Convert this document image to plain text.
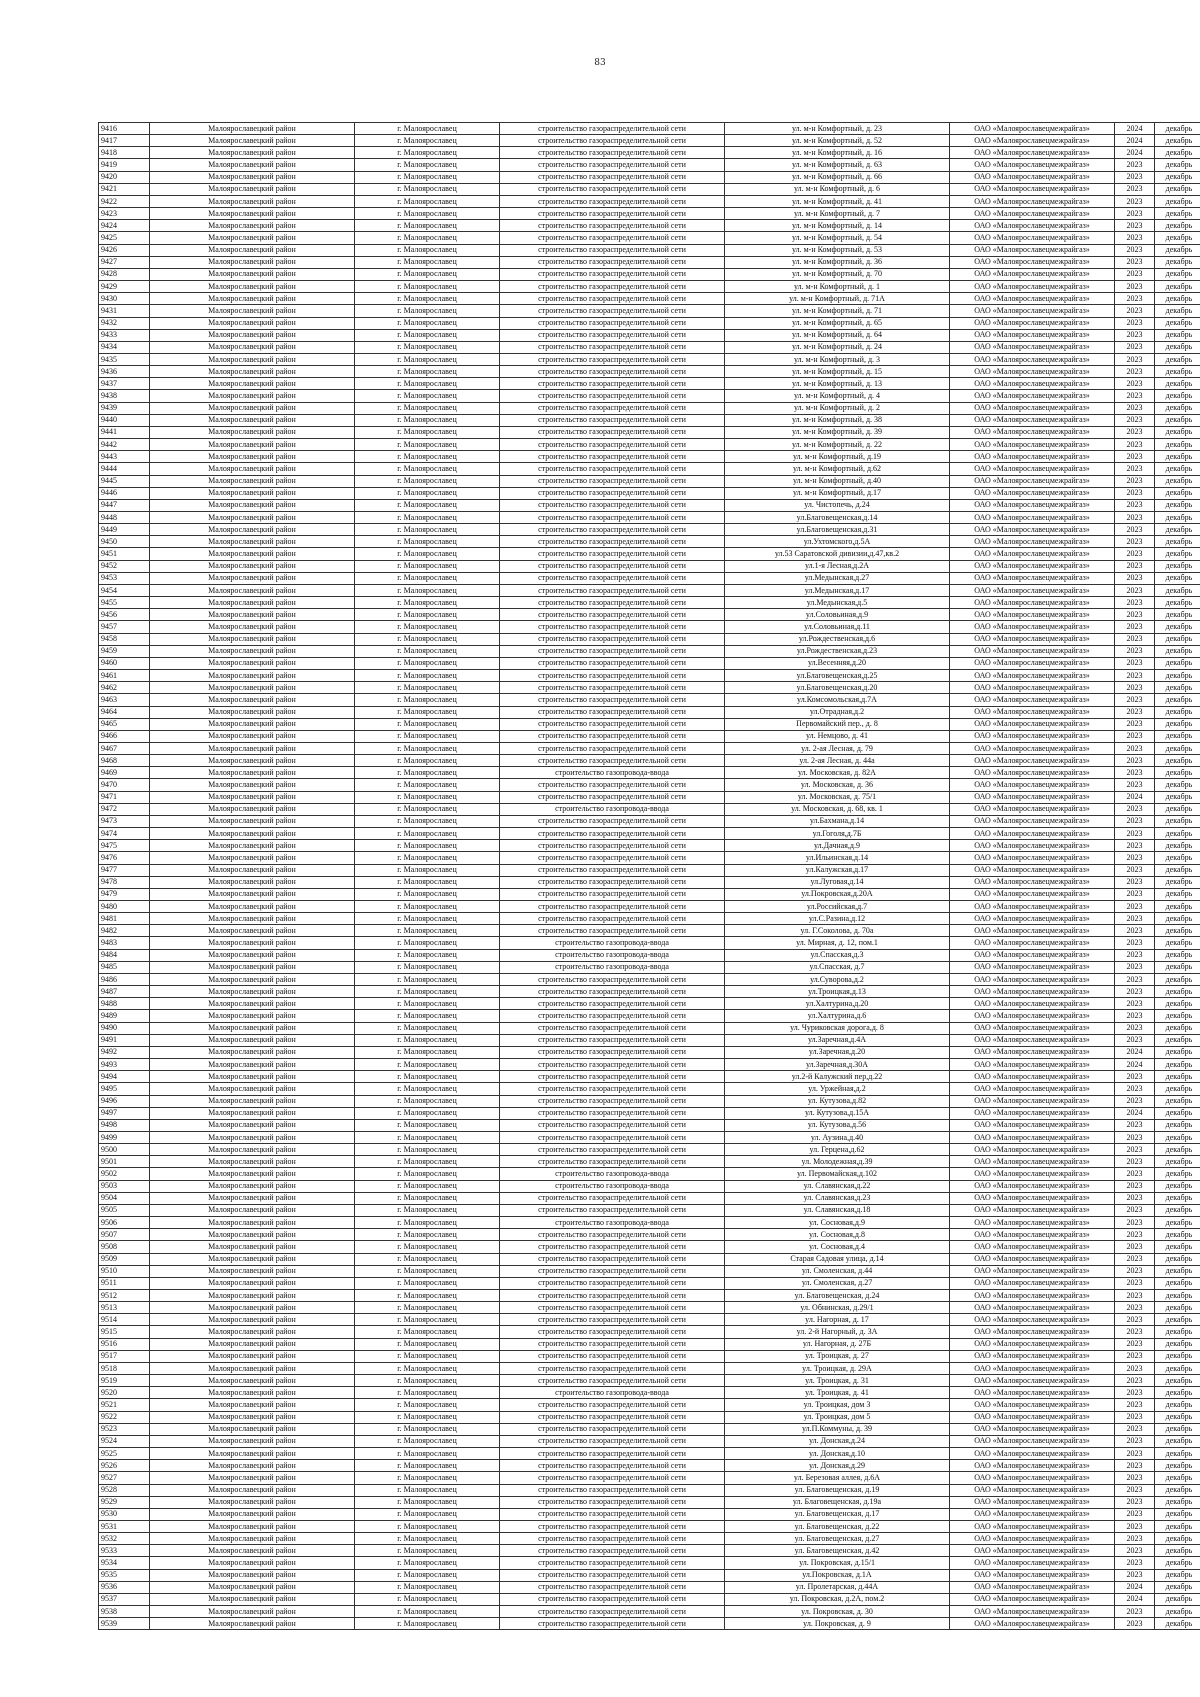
83
9416	Малоярославецкий район	г. Малоярославец	строительство газораспределительной сети	ул. м-н Комфортный, д. 23	ОАО «Малоярославецмежрайгаз»	2024	декабрь
9417	Малоярославецкий район	г. Малоярославец	строительство газораспределительной сети	ул. м-н Комфортный, д. 52	ОАО «Малоярославецмежрайгаз»	2024	декабрь
9418	Малоярославецкий район	г. Малоярославец	строительство газораспределительной сети	ул. м-н Комфортный, д. 16	ОАО «Малоярославецмежрайгаз»	2024	декабрь
9419	Малоярославецкий район	г. Малоярославец	строительство газораспределительной сети	ул. м-н Комфортный, д. 63	ОАО «Малоярославецмежрайгаз»	2023	декабрь
9420	Малоярославецкий район	г. Малоярославец	строительство газораспределительной сети	ул. м-н Комфортный, д. 66	ОАО «Малоярославецмежрайгаз»	2023	декабрь
9421	Малоярославецкий район	г. Малоярославец	строительство газораспределительной сети	ул. м-н Комфортный, д. 6	ОАО «Малоярославецмежрайгаз»	2023	декабрь
9422	Малоярославецкий район	г. Малоярославец	строительство газораспределительной сети	ул. м-н Комфортный, д. 41	ОАО «Малоярославецмежрайгаз»	2023	декабрь
9423	Малоярославецкий район	г. Малоярославец	строительство газораспределительной сети	ул. м-н Комфортный, д. 7	ОАО «Малоярославецмежрайгаз»	2023	декабрь
9424	Малоярославецкий район	г. Малоярославец	строительство газораспределительной сети	ул. м-н Комфортный, д. 14	ОАО «Малоярославецмежрайгаз»	2023	декабрь
9425	Малоярославецкий район	г. Малоярославец	строительство газораспределительной сети	ул. м-н Комфортный, д. 54	ОАО «Малоярославецмежрайгаз»	2023	декабрь
9426	Малоярославецкий район	г. Малоярославец	строительство газораспределительной сети	ул. м-н Комфортный, д. 53	ОАО «Малоярославецмежрайгаз»	2023	декабрь
9427	Малоярославецкий район	г. Малоярославец	строительство газораспределительной сети	ул. м-н Комфортный, д. 36	ОАО «Малоярославецмежрайгаз»	2023	декабрь
9428	Малоярославецкий район	г. Малоярославец	строительство газораспределительной сети	ул. м-н Комфортный, д. 70	ОАО «Малоярославецмежрайгаз»	2023	декабрь
9429	Малоярославецкий район	г. Малоярославец	строительство газораспределительной сети	ул. м-н Комфортный, д. 1	ОАО «Малоярославецмежрайгаз»	2023	декабрь
9430	Малоярославецкий район	г. Малоярославец	строительство газораспределительной сети	ул. м-н Комфортный, д. 71А	ОАО «Малоярославецмежрайгаз»	2023	декабрь
9431	Малоярославецкий район	г. Малоярославец	строительство газораспределительной сети	ул. м-н Комфортный, д. 71	ОАО «Малоярославецмежрайгаз»	2023	декабрь
9432	Малоярославецкий район	г. Малоярославец	строительство газораспределительной сети	ул. м-н Комфортный, д. 65	ОАО «Малоярославецмежрайгаз»	2023	декабрь
9433	Малоярославецкий район	г. Малоярославец	строительство газораспределительной сети	ул. м-н Комфортный, д. 64	ОАО «Малоярославецмежрайгаз»	2023	декабрь
9434	Малоярославецкий район	г. Малоярославец	строительство газораспределительной сети	ул. м-н Комфортный, д. 24	ОАО «Малоярославецмежрайгаз»	2023	декабрь
9435	Малоярославецкий район	г. Малоярославец	строительство газораспределительной сети	ул. м-н Комфортный, д. 3	ОАО «Малоярославецмежрайгаз»	2023	декабрь
9436	Малоярославецкий район	г. Малоярославец	строительство газораспределительной сети	ул. м-н Комфортный, д. 15	ОАО «Малоярославецмежрайгаз»	2023	декабрь
9437	Малоярославецкий район	г. Малоярославец	строительство газораспределительной сети	ул. м-н Комфортный, д. 13	ОАО «Малоярославецмежрайгаз»	2023	декабрь
9438	Малоярославецкий район	г. Малоярославец	строительство газораспределительной сети	ул. м-н Комфортный, д. 4	ОАО «Малоярославецмежрайгаз»	2023	декабрь
9439	Малоярославецкий район	г. Малоярославец	строительство газораспределительной сети	ул. м-н Комфортный, д. 2	ОАО «Малоярославецмежрайгаз»	2023	декабрь
9440	Малоярославецкий район	г. Малоярославец	строительство газораспределительной сети	ул. м-н Комфортный, д. 38	ОАО «Малоярославецмежрайгаз»	2023	декабрь
9441	Малоярославецкий район	г. Малоярославец	строительство газораспределительной сети	ул. м-н Комфортный, д. 39	ОАО «Малоярославецмежрайгаз»	2023	декабрь
9442	Малоярославецкий район	г. Малоярославец	строительство газораспределительной сети	ул. м-н Комфортный, д. 22	ОАО «Малоярославецмежрайгаз»	2023	декабрь
9443	Малоярославецкий район	г. Малоярославец	строительство газораспределительной сети	ул. м-н Комфортный, д.19	ОАО «Малоярославецмежрайгаз»	2023	декабрь
9444	Малоярославецкий район	г. Малоярославец	строительство газораспределительной сети	ул. м-н Комфортный, д.62	ОАО «Малоярославецмежрайгаз»	2023	декабрь
9445	Малоярославецкий район	г. Малоярославец	строительство газораспределительной сети	ул. м-н Комфортный, д.40	ОАО «Малоярославецмежрайгаз»	2023	декабрь
9446	Малоярославецкий район	г. Малоярославец	строительство газораспределительной сети	ул. м-н Комфортный, д.17	ОАО «Малоярославецмежрайгаз»	2023	декабрь
9447	Малоярославецкий район	г. Малоярославец	строительство газораспределительной сети	ул. Чистопечь, д.24	ОАО «Малоярославецмежрайгаз»	2023	декабрь
9448	Малоярославецкий район	г. Малоярославец	строительство газораспределительной сети	ул.Благовещенская,д.14	ОАО «Малоярославецмежрайгаз»	2023	декабрь
9449	Малоярославецкий район	г. Малоярославец	строительство газораспределительной сети	ул.Благовещенская,д.31	ОАО «Малоярославецмежрайгаз»	2023	декабрь
9450	Малоярославецкий район	г. Малоярославец	строительство газораспределительной сети	ул.Ухтомского,д.5А	ОАО «Малоярославецмежрайгаз»	2023	декабрь
9451	Малоярославецкий район	г. Малоярославец	строительство газораспределительной сети	ул.53 Саратовской дивизии,д.47,кв.2	ОАО «Малоярославецмежрайгаз»	2023	декабрь
9452	Малоярославецкий район	г. Малоярославец	строительство газораспределительной сети	ул.1-я Лесная,д.2А	ОАО «Малоярославецмежрайгаз»	2023	декабрь
9453	Малоярославецкий район	г. Малоярославец	строительство газораспределительной сети	ул.Медынская,д.27	ОАО «Малоярославецмежрайгаз»	2023	декабрь
9454	Малоярославецкий район	г. Малоярославец	строительство газораспределительной сети	ул.Медынская,д.17	ОАО «Малоярославецмежрайгаз»	2023	декабрь
9455	Малоярославецкий район	г. Малоярославец	строительство газораспределительной сети	ул.Медынская,д.5	ОАО «Малоярославецмежрайгаз»	2023	декабрь
9456	Малоярославецкий район	г. Малоярославец	строительство газораспределительной сети	ул.Соловьиная,д.9	ОАО «Малоярославецмежрайгаз»	2023	декабрь
9457	Малоярославецкий район	г. Малоярославец	строительство газораспределительной сети	ул.Соловьиная,д.11	ОАО «Малоярославецмежрайгаз»	2023	декабрь
9458	Малоярославецкий район	г. Малоярославец	строительство газораспределительной сети	ул.Рождественская,д.6	ОАО «Малоярославецмежрайгаз»	2023	декабрь
9459	Малоярославецкий район	г. Малоярославец	строительство газораспределительной сети	ул.Рождественская,д.23	ОАО «Малоярославецмежрайгаз»	2023	декабрь
9460	Малоярославецкий район	г. Малоярославец	строительство газораспределительной сети	ул.Весенняя,д.20	ОАО «Малоярославецмежрайгаз»	2023	декабрь
9461	Малоярославецкий район	г. Малоярославец	строительство газораспределительной сети	ул.Благовещенская,д.25	ОАО «Малоярославецмежрайгаз»	2023	декабрь
9462	Малоярославецкий район	г. Малоярославец	строительство газораспределительной сети	ул.Благовещенская,д.20	ОАО «Малоярославецмежрайгаз»	2023	декабрь
9463	Малоярославецкий район	г. Малоярославец	строительство газораспределительной сети	ул.Комсомольская,д.7А	ОАО «Малоярославецмежрайгаз»	2023	декабрь
9464	Малоярославецкий район	г. Малоярославец	строительство газораспределительной сети	ул.Отрадная,д.2	ОАО «Малоярославецмежрайгаз»	2023	декабрь
9465	Малоярославецкий район	г. Малоярославец	строительство газораспределительной сети	Первомайский пер., д. 8	ОАО «Малоярославецмежрайгаз»	2023	декабрь
9466	Малоярославецкий район	г. Малоярославец	строительство газораспределительной сети	ул. Немцово, д. 41	ОАО «Малоярославецмежрайгаз»	2023	декабрь
9467	Малоярославецкий район	г. Малоярославец	строительство газораспределительной сети	ул. 2-ая Лесная, д. 79	ОАО «Малоярославецмежрайгаз»	2023	декабрь
9468	Малоярославецкий район	г. Малоярославец	строительство газораспределительной сети	ул. 2-ая Лесная, д. 44а	ОАО «Малоярославецмежрайгаз»	2023	декабрь
9469	Малоярославецкий район	г. Малоярославец	строительство газопровода-ввода	ул. Московская, д. 82А	ОАО «Малоярославецмежрайгаз»	2023	декабрь
9470	Малоярославецкий район	г. Малоярославец	строительство газораспределительной сети	ул. Московская, д. 36	ОАО «Малоярославецмежрайгаз»	2023	декабрь
9471	Малоярославецкий район	г. Малоярославец	строительство газораспределительной сети	ул. Московская, д. 75/1	ОАО «Малоярославецмежрайгаз»	2024	декабрь
9472	Малоярославецкий район	г. Малоярославец	строительство газопровода-ввода	ул. Московская, д. 68, кв. 1	ОАО «Малоярославецмежрайгаз»	2023	декабрь
9473	Малоярославецкий район	г. Малоярославец	строительство газораспределительной сети	ул.Бахмана,д.14	ОАО «Малоярославецмежрайгаз»	2023	декабрь
9474	Малоярославецкий район	г. Малоярославец	строительство газораспределительной сети	ул.Гоголя,д.7Б	ОАО «Малоярославецмежрайгаз»	2023	декабрь
9475	Малоярославецкий район	г. Малоярославец	строительство газораспределительной сети	ул.Дачная,д.9	ОАО «Малоярославецмежрайгаз»	2023	декабрь
9476	Малоярославецкий район	г. Малоярославец	строительство газораспределительной сети	ул.Ильинская,д.14	ОАО «Малоярославецмежрайгаз»	2023	декабрь
9477	Малоярославецкий район	г. Малоярославец	строительство газораспределительной сети	ул.Калужская,д.17	ОАО «Малоярославецмежрайгаз»	2023	декабрь
9478	Малоярославецкий район	г. Малоярославец	строительство газораспределительной сети	ул.Луговая,д.14	ОАО «Малоярославецмежрайгаз»	2023	декабрь
9479	Малоярославецкий район	г. Малоярославец	строительство газораспределительной сети	ул.Покровская,д.20А	ОАО «Малоярославецмежрайгаз»	2023	декабрь
9480	Малоярославецкий район	г. Малоярославец	строительство газораспределительной сети	ул.Российская,д.7	ОАО «Малоярославецмежрайгаз»	2023	декабрь
9481	Малоярославецкий район	г. Малоярославец	строительство газораспределительной сети	ул.С.Разина,д.12	ОАО «Малоярославецмежрайгаз»	2023	декабрь
9482	Малоярославецкий район	г. Малоярославец	строительство газораспределительной сети	ул. Г.Соколова, д. 70а	ОАО «Малоярославецмежрайгаз»	2023	декабрь
9483	Малоярославецкий район	г. Малоярославец	строительство газопровода-ввода	ул. Мирная, д. 12, пом.1	ОАО «Малоярославецмежрайгаз»	2023	декабрь
9484	Малоярославецкий район	г. Малоярославец	строительство газопровода-ввода	ул.Спасская,д.3	ОАО «Малоярославецмежрайгаз»	2023	декабрь
9485	Малоярославецкий район	г. Малоярославец	строительство газопровода-ввода	ул.Спасская, д.7	ОАО «Малоярославецмежрайгаз»	2023	декабрь
9486	Малоярославецкий район	г. Малоярославец	строительство газораспределительной сети	ул.Суворова,д.2	ОАО «Малоярославецмежрайгаз»	2023	декабрь
9487	Малоярославецкий район	г. Малоярославец	строительство газораспределительной сети	ул.Троицкая,д.13	ОАО «Малоярославецмежрайгаз»	2023	декабрь
9488	Малоярославецкий район	г. Малоярославец	строительство газораспределительной сети	ул.Халтурина,д.20	ОАО «Малоярославецмежрайгаз»	2023	декабрь
9489	Малоярославецкий район	г. Малоярославец	строительство газораспределительной сети	ул.Халтурина,д.6	ОАО «Малоярославецмежрайгаз»	2023	декабрь
9490	Малоярославецкий район	г. Малоярославец	строительство газораспределительной сети	ул. Чуриковская дорога,д. 8	ОАО «Малоярославецмежрайгаз»	2023	декабрь
9491	Малоярославецкий район	г. Малоярославец	строительство газораспределительной сети	ул.Заречная,д.4А	ОАО «Малоярославецмежрайгаз»	2023	декабрь
9492	Малоярославецкий район	г. Малоярославец	строительство газораспределительной сети	ул.Заречная,д.20	ОАО «Малоярославецмежрайгаз»	2024	декабрь
9493	Малоярославецкий район	г. Малоярославец	строительство газораспределительной сети	ул.Заречная,д.30А	ОАО «Малоярославецмежрайгаз»	2024	декабрь
9494	Малоярославецкий район	г. Малоярославец	строительство газораспределительной сети	ул.2-й Калужский пер,д.22	ОАО «Малоярославецмежрайгаз»	2023	декабрь
9495	Малоярославецкий район	г. Малоярославец	строительство газораспределительной сети	ул. Уржейная,д.2	ОАО «Малоярославецмежрайгаз»	2023	декабрь
9496	Малоярославецкий район	г. Малоярославец	строительство газораспределительной сети	ул. Кутузова,д.82	ОАО «Малоярославецмежрайгаз»	2023	декабрь
9497	Малоярославецкий район	г. Малоярославец	строительство газораспределительной сети	ул. Кутузова,д.15А	ОАО «Малоярославецмежрайгаз»	2024	декабрь
9498	Малоярославецкий район	г. Малоярославец	строительство газораспределительной сети	ул. Кутузова,д.56	ОАО «Малоярославецмежрайгаз»	2023	декабрь
9499	Малоярославецкий район	г. Малоярославец	строительство газораспределительной сети	ул. Аузина,д.40	ОАО «Малоярославецмежрайгаз»	2023	декабрь
9500	Малоярославецкий район	г. Малоярославец	строительство газораспределительной сети	ул. Герцена,д.62	ОАО «Малоярославецмежрайгаз»	2023	декабрь
9501	Малоярославецкий район	г. Малоярославец	строительство газораспределительной сети	ул. Молодежная,д.39	ОАО «Малоярославецмежрайгаз»	2023	декабрь
9502	Малоярославецкий район	г. Малоярославец	строительство газопровода-ввода	ул. Первомайская,д.102	ОАО «Малоярославецмежрайгаз»	2023	декабрь
9503	Малоярославецкий район	г. Малоярославец	строительство газопровода-ввода	ул. Славянская,д.22	ОАО «Малоярославецмежрайгаз»	2023	декабрь
9504	Малоярославецкий район	г. Малоярославец	строительство газораспределительной сети	ул. Славянская,д.23	ОАО «Малоярославецмежрайгаз»	2023	декабрь
9505	Малоярославецкий район	г. Малоярославец	строительство газораспределительной сети	ул. Славянская,д.18	ОАО «Малоярославецмежрайгаз»	2023	декабрь
9506	Малоярославецкий район	г. Малоярославец	строительство газопровода-ввода	ул. Сосновая,д.9	ОАО «Малоярославецмежрайгаз»	2023	декабрь
9507	Малоярославецкий район	г. Малоярославец	строительство газораспределительной сети	ул. Сосновая,д.8	ОАО «Малоярославецмежрайгаз»	2023	декабрь
9508	Малоярославецкий район	г. Малоярославец	строительство газораспределительной сети	ул. Сосновая,д.4	ОАО «Малоярославецмежрайгаз»	2023	декабрь
9509	Малоярославецкий район	г. Малоярославец	строительство газораспределительной сети	Старая Садовая улица, д.14	ОАО «Малоярославецмежрайгаз»	2023	декабрь
9510	Малоярославецкий район	г. Малоярославец	строительство газораспределительной сети	ул. Смоленская, д.44	ОАО «Малоярославецмежрайгаз»	2023	декабрь
9511	Малоярославецкий район	г. Малоярославец	строительство газораспределительной сети	ул. Смоленская, д.27	ОАО «Малоярославецмежрайгаз»	2023	декабрь
9512	Малоярославецкий район	г. Малоярославец	строительство газораспределительной сети	ул. Благовещенская, д.24	ОАО «Малоярославецмежрайгаз»	2023	декабрь
9513	Малоярославецкий район	г. Малоярославец	строительство газораспределительной сети	ул. Обнинская, д.29/1	ОАО «Малоярославецмежрайгаз»	2023	декабрь
9514	Малоярославецкий район	г. Малоярославец	строительство газораспределительной сети	ул. Нагорная, д. 17	ОАО «Малоярославецмежрайгаз»	2023	декабрь
9515	Малоярославецкий район	г. Малоярославец	строительство газораспределительной сети	ул. 2-й Нагорный, д. 3А	ОАО «Малоярославецмежрайгаз»	2023	декабрь
9516	Малоярославецкий район	г. Малоярославец	строительство газораспределительной сети	ул. Нагорная, д. 27Б	ОАО «Малоярославецмежрайгаз»	2023	декабрь
9517	Малоярославецкий район	г. Малоярославец	строительство газораспределительной сети	ул. Троицкая, д. 27	ОАО «Малоярославецмежрайгаз»	2023	декабрь
9518	Малоярославецкий район	г. Малоярославец	строительство газораспределительной сети	ул. Троицкая, д. 29А	ОАО «Малоярославецмежрайгаз»	2023	декабрь
9519	Малоярославецкий район	г. Малоярославец	строительство газораспределительной сети	ул. Троицкая, д. 31	ОАО «Малоярославецмежрайгаз»	2023	декабрь
9520	Малоярославецкий район	г. Малоярославец	строительство газопровода-ввода	ул. Троицкая, д. 41	ОАО «Малоярославецмежрайгаз»	2023	декабрь
9521	Малоярославецкий район	г. Малоярославец	строительство газораспределительной сети	ул. Троицкая, дом 3	ОАО «Малоярославецмежрайгаз»	2023	декабрь
9522	Малоярославецкий район	г. Малоярославец	строительство газораспределительной сети	ул. Троицкая, дом 5	ОАО «Малоярославецмежрайгаз»	2023	декабрь
9523	Малоярославецкий район	г. Малоярославец	строительство газораспределительной сети	ул.П.Коммуны, д. 39	ОАО «Малоярославецмежрайгаз»	2023	декабрь
9524	Малоярославецкий район	г. Малоярославец	строительство газораспределительной сети	ул. Донская,д.24	ОАО «Малоярославецмежрайгаз»	2023	декабрь
9525	Малоярославецкий район	г. Малоярославец	строительство газораспределительной сети	ул. Донская,д.10	ОАО «Малоярославецмежрайгаз»	2023	декабрь
9526	Малоярославецкий район	г. Малоярославец	строительство газораспределительной сети	ул. Донская,д.29	ОАО «Малоярославецмежрайгаз»	2023	декабрь
9527	Малоярославецкий район	г. Малоярославец	строительство газораспределительной сети	ул. Березовая аллея, д.6А	ОАО «Малоярославецмежрайгаз»	2023	декабрь
9528	Малоярославецкий район	г. Малоярославец	строительство газораспределительной сети	ул. Благовещенская, д.19	ОАО «Малоярославецмежрайгаз»	2023	декабрь
9529	Малоярославецкий район	г. Малоярославец	строительство газораспределительной сети	ул. Благовещенская, д.19а	ОАО «Малоярославецмежрайгаз»	2023	декабрь
9530	Малоярославецкий район	г. Малоярославец	строительство газораспределительной сети	ул. Благовещенская, д.17	ОАО «Малоярославецмежрайгаз»	2023	декабрь
9531	Малоярославецкий район	г. Малоярославец	строительство газораспределительной сети	ул. Благовещенская, д.22	ОАО «Малоярославецмежрайгаз»	2023	декабрь
9532	Малоярославецкий район	г. Малоярославец	строительство газораспределительной сети	ул. Благовещенская, д.27	ОАО «Малоярославецмежрайгаз»	2023	декабрь
9533	Малоярославецкий район	г. Малоярославец	строительство газораспределительной сети	ул. Благовещенская, д.42	ОАО «Малоярославецмежрайгаз»	2023	декабрь
9534	Малоярославецкий район	г. Малоярославец	строительство газораспределительной сети	ул. Покровская, д.15/1	ОАО «Малоярославецмежрайгаз»	2023	декабрь
9535	Малоярославецкий район	г. Малоярославец	строительство газораспределительной сети	ул.Покровская, д.1А	ОАО «Малоярославецмежрайгаз»	2023	декабрь
9536	Малоярославецкий район	г. Малоярославец	строительство газораспределительной сети	ул. Пролетарская, д.44А	ОАО «Малоярославецмежрайгаз»	2024	декабрь
9537	Малоярославецкий район	г. Малоярославец	строительство газораспределительной сети	ул. Покровская, д.2А, пом.2	ОАО «Малоярославецмежрайгаз»	2024	декабрь
9538	Малоярославецкий район	г. Малоярославец	строительство газораспределительной сети	ул. Покровская, д. 30	ОАО «Малоярославецмежрайгаз»	2023	декабрь
9539	Малоярославецкий район	г. Малоярославец	строительство газораспределительной сети	ул. Покровская, д. 9	ОАО «Малоярославецмежрайгаз»	2023	декабрь
